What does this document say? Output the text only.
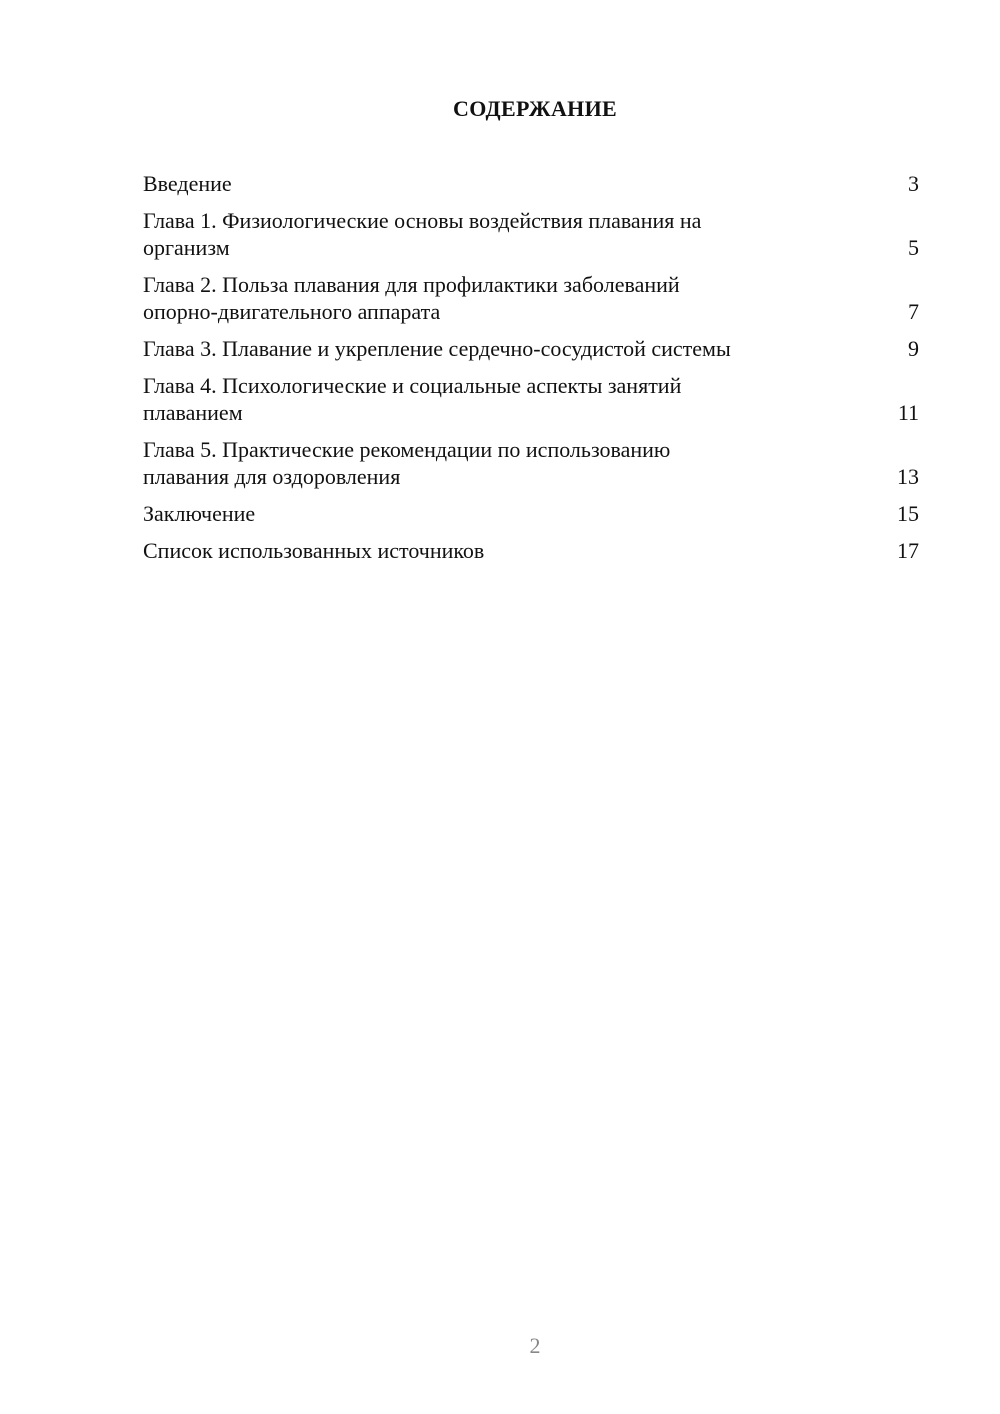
СОДЕРЖАНИЕ
Введение	3
Глава 1. Физиологические основы воздействия плавания на
организм	5
Глава 2. Польза плавания для профилактики заболеваний
опорно-двигательного аппарата	7
Глава 3. Плавание и укрепление сердечно-сосудистой системы	9
Глава 4. Психологические и социальные аспекты занятий
плаванием	11
Глава 5. Практические рекомендации по использованию
плавания для оздоровления	13
Заключение	15
Список использованных источников	17
2
